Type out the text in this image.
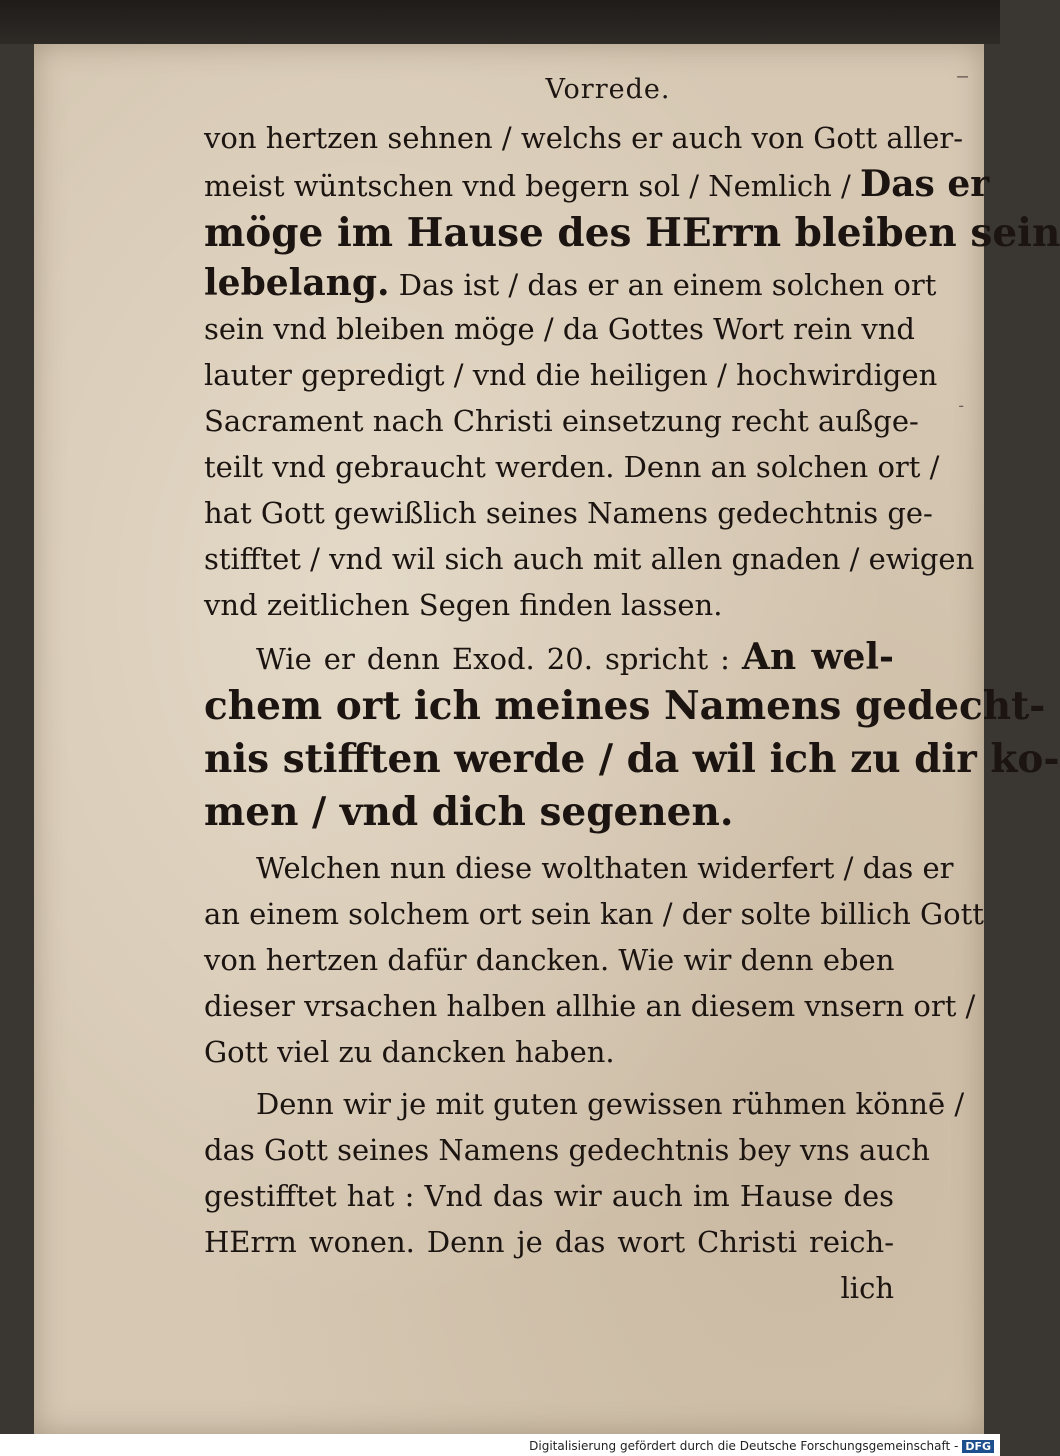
—
-
Vorrede.
von hertzen sehnen / welchs er auch von Gott aller-
meist wüntschen vnd begern sol / Nemlich / Das er
möge im Hause des HErrn bleiben sein
lebelang. Das ist / das er an einem solchen ort
sein vnd bleiben möge / da Gottes Wort rein vnd
lauter gepredigt / vnd die heiligen / hochwirdigen
Sacrament nach Christi einsetzung recht außge-
teilt vnd gebraucht werden. Denn an solchen ort /
hat Gott gewißlich seines Namens gedechtnis ge-
stifftet / vnd wil sich auch mit allen gnaden / ewigen
vnd zeitlichen Segen finden lassen.
Wie er denn Exod. 20. spricht : An wel-
chem ort ich meines Namens gedecht-
nis stifften werde / da wil ich zu dir ko-
men / vnd dich segenen.
Welchen nun diese wolthaten widerfert / das er
an einem solchem ort sein kan / der solte billich Gott
von hertzen dafür dancken. Wie wir denn eben
dieser vrsachen halben allhie an diesem vnsern ort /
Gott viel zu dancken haben.
Denn wir je mit guten gewissen rühmen könnē /
das Gott seines Namens gedechtnis bey vns auch
gestifftet hat : Vnd das wir auch im Hause des
HErrn wonen. Denn je das wort Christi reich-
lich
Digitalisierung gefördert durch die Deutsche Forschungsgemeinschaft - DFG
